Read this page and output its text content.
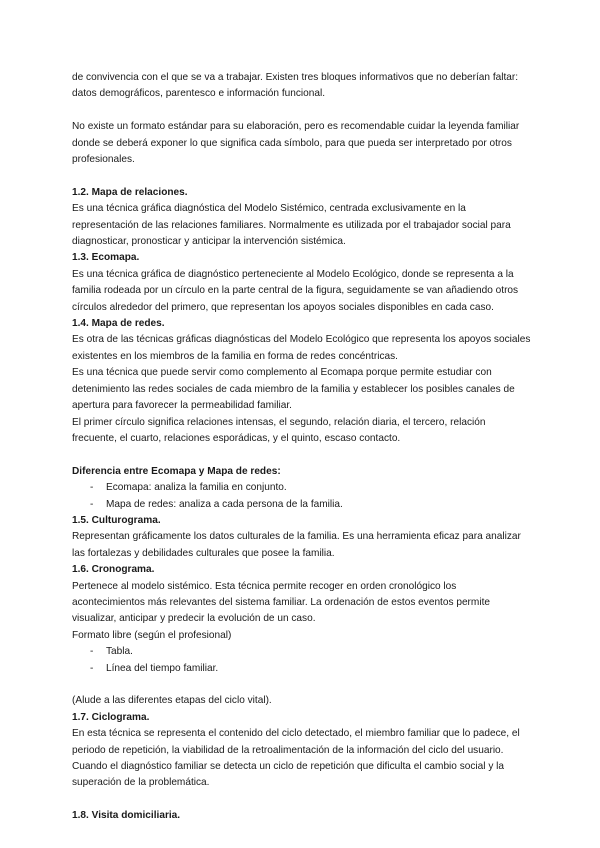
de convivencia con el que se va a trabajar. Existen tres bloques informativos que no deberían faltar: datos demográficos, parentesco e información funcional.

No existe un formato estándar para su elaboración, pero es recomendable cuidar la leyenda familiar donde se deberá exponer lo que significa cada símbolo, para que pueda ser interpretado por otros profesionales.

1.2. Mapa de relaciones.

Es una técnica gráfica diagnóstica del Modelo Sistémico, centrada exclusivamente en la representación de las relaciones familiares. Normalmente es utilizada por el trabajador social para diagnosticar, pronosticar y anticipar la intervención sistémica.

1.3. Ecomapa.

Es una técnica gráfica de diagnóstico perteneciente al Modelo Ecológico, donde se representa a la familia rodeada por un círculo en la parte central de la figura, seguidamente se van añadiendo otros círculos alrededor del primero, que representan los apoyos sociales disponibles en cada caso.

1.4. Mapa de redes.

Es otra de las técnicas gráficas diagnósticas del Modelo Ecológico que representa los apoyos sociales existentes en los miembros de la familia en forma de redes concéntricas.

Es una técnica que puede servir como complemento al Ecomapa porque permite estudiar con detenimiento las redes sociales de cada miembro de la familia y establecer los posibles canales de apertura para favorecer la permeabilidad familiar.

El primer círculo significa relaciones intensas, el segundo, relación diaria, el tercero, relación frecuente, el cuarto, relaciones esporádicas, y el quinto, escaso contacto.

Diferencia entre Ecomapa y Mapa de redes:

- Ecomapa: analiza la familia en conjunto.
- Mapa de redes: analiza a cada persona de la familia.

1.5. Culturograma.

Representan gráficamente los datos culturales de la familia. Es una herramienta eficaz para analizar las fortalezas y debilidades culturales que posee la familia.

1.6. Cronograma.

Pertenece al modelo sistémico. Esta técnica permite recoger en orden cronológico los acontecimientos más relevantes del sistema familiar. La ordenación de estos eventos permite visualizar, anticipar y predecir la evolución de un caso.

Formato libre (según el profesional)

- Tabla.
- Línea del tiempo familiar.

(Alude a las diferentes etapas del ciclo vital).

1.7. Ciclograma.

En esta técnica se representa el contenido del ciclo detectado, el miembro familiar que lo padece, el periodo de repetición, la viabilidad de la retroalimentación de la información del ciclo del usuario.

Cuando el diagnóstico familiar se detecta un ciclo de repetición que dificulta el cambio social y la superación de la problemática.

1.8. Visita domiciliaria.
